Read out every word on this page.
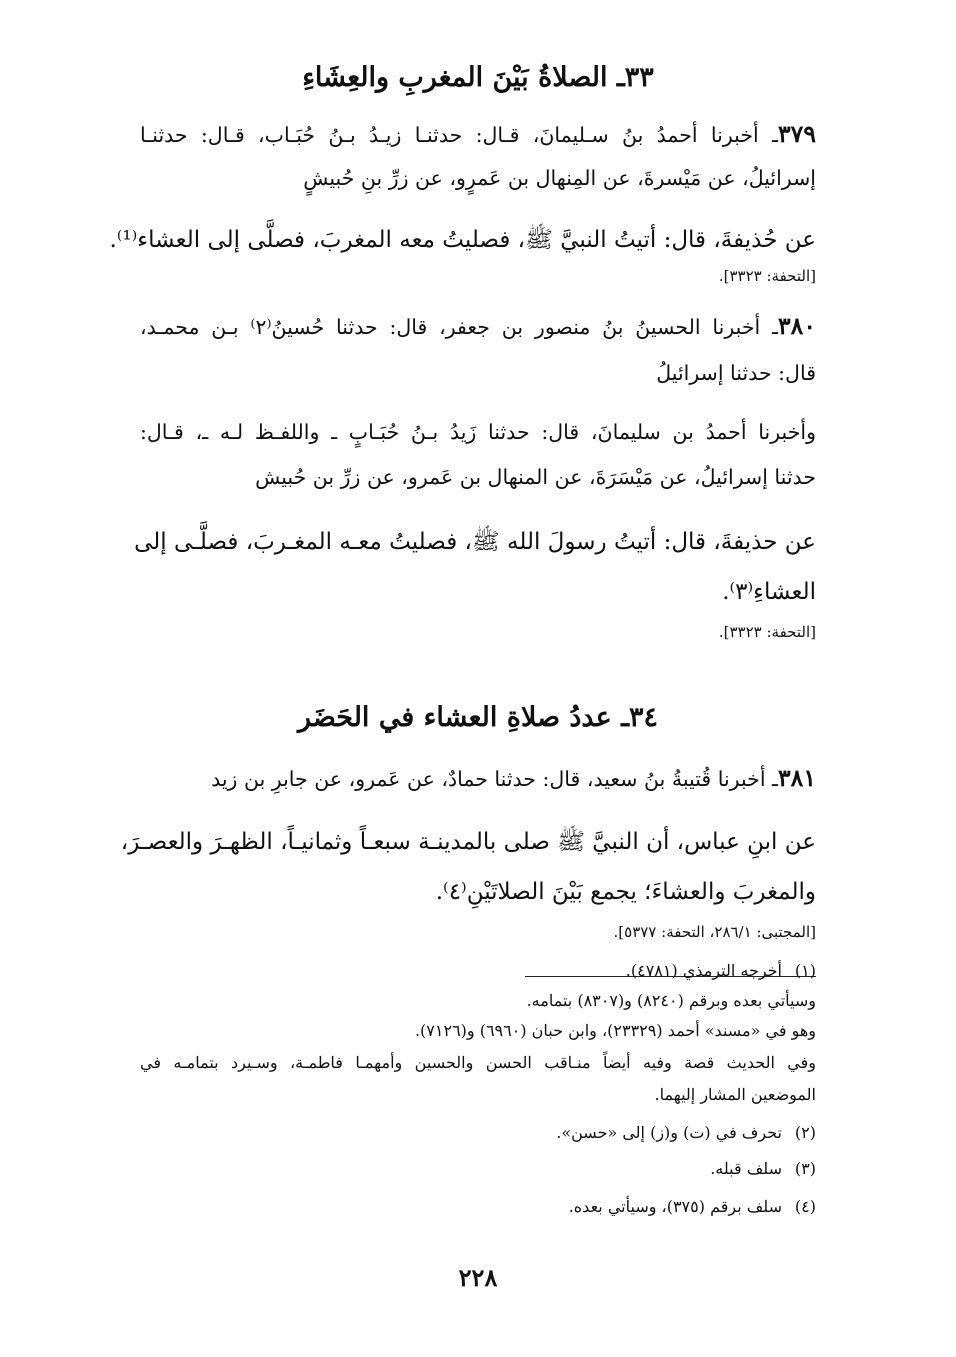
٣٣ـ الصلاةُ بَيْنَ المغربِ والعِشَاءِ
٣٧٩ـ أخبرنا أحمدُ بنُ سـليمانَ، قـال: حدثنـا زيـدُ بـنُ حُبَـاب، قـال: حدثنـا
إسرائيلُ، عن مَيْسرةَ، عن المِنهال بن عَمرٍو، عن زرِّ بنِ حُبيشٍ
عن حُذيفةَ، قال: أتيتُ النبيَّ ﷺ، فصليتُ معه المغربَ، فصلَّى إلى العشاء⁽¹⁾.
[التحفة: ٣٣٢٣].
٣٨٠ـ أخبرنا الحسينُ بنُ منصور بن جعفر، قال: حدثنا حُسينُ⁽٢⁾ بـن محمـد،
قال: حدثنا إسرائيلُ
وأخبرنا أحمدُ بن سليمانَ، قال: حدثنا زَيدُ بـنُ حُبَـابٍ ـ واللفـظ لـه ـ، قـال:
حدثنا إسرائيلُ، عن مَيْسَرَةَ، عن المنهال بن عَمرو، عن زرِّ بن حُبيش
عن حذيفةَ، قال: أتيتُ رسولَ الله ﷺ، فصليتُ معـه المغـربَ، فصلَّـى إلى
العشاءِ⁽٣⁾.
[التحفة: ٣٣٢٣].
٣٤ـ عددُ صلاةِ العشاء في الحَضَر
٣٨١ـ أخبرنا قُتيبةُ بنُ سعيد، قال: حدثنا حمادٌ، عن عَمرو، عن جابرِ بن زيد
عن ابنِ عباس، أن النبيَّ ﷺ صلى بالمدينـة سبعـاً وثمانيـاً، الظهـرَ والعصـرَ،
والمغربَ والعشاءَ؛ يجمع بَيْنَ الصلاتَيْنِ⁽٤⁾.
[المجتبى: ٢٨٦/١، التحفة: ٥٣٧٧].
(١)أخرجه الترمذي (٤٧٨١).
وسيأتي بعده وبرقم (٨٢٤٠) و(٨٣٠٧) بتمامه.
وهو في «مسند» أحمد (٢٣٣٢٩)، وابن حبان (٦٩٦٠) و(٧١٢٦).
وفي الحديث قصة وفيه أيضاً منـاقب الحسن والحسين وأمهمـا فاطمـة، وسـيرد بتمامـه في
الموضعين المشار إليهما.
(٢)تحرف في (ت) و(ز) إلى «حسن».
(٣)سلف قبله.
(٤)سلف برقم (٣٧٥)، وسيأتي بعده.
٢٢٨
